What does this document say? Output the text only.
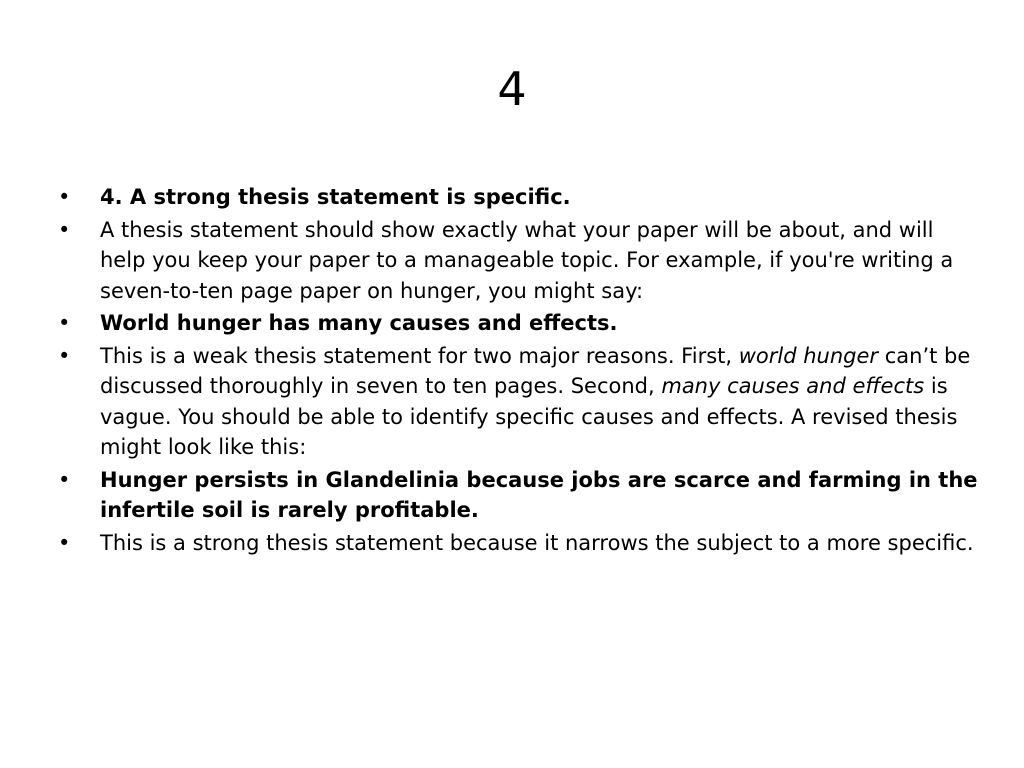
4
•	4. A strong thesis statement is specific.
•	A thesis statement should show exactly what your paper will be about, and will help you keep your paper to a manageable topic. For example, if you're writing a seven-to-ten page paper on hunger, you might say:
•	World hunger has many causes and effects.
•	This is a weak thesis statement for two major reasons. First, world hunger can’t be discussed thoroughly in seven to ten pages. Second, many causes and effects is vague. You should be able to identify specific causes and effects. A revised thesis might look like this:
•	Hunger persists in Glandelinia because jobs are scarce and farming in the infertile soil is rarely profitable.
•	This is a strong thesis statement because it narrows the subject to a more specific.
